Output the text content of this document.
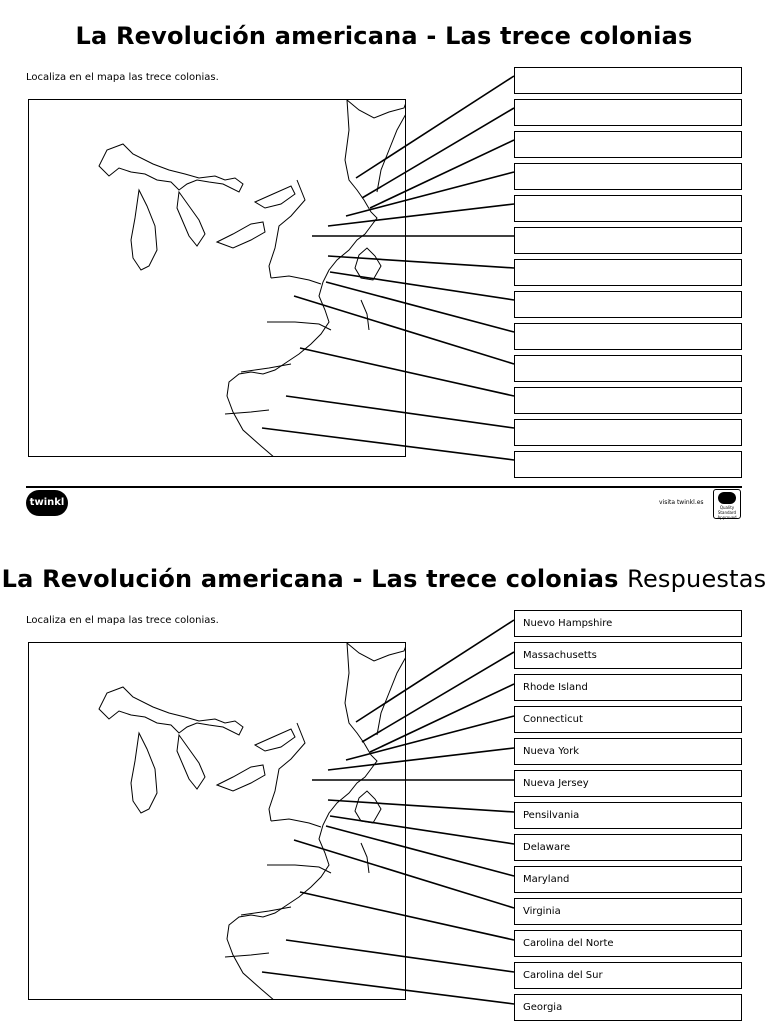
La Revolución americana - Las trece colonias

Localiza en el mapa las trece colonias.

twinkl	visita twinkl.es
Quality Standard Approved
La Revolución americana - Las trece colonias Respuestas

Localiza en el mapa las trece colonias.	Nuevo Hampshire
Massachusetts
Rhode Island
Connecticut
Nueva York
Nueva Jersey
Pensilvania
Delaware
Maryland
Virginia
Carolina del Norte
Carolina del Sur
Georgia
